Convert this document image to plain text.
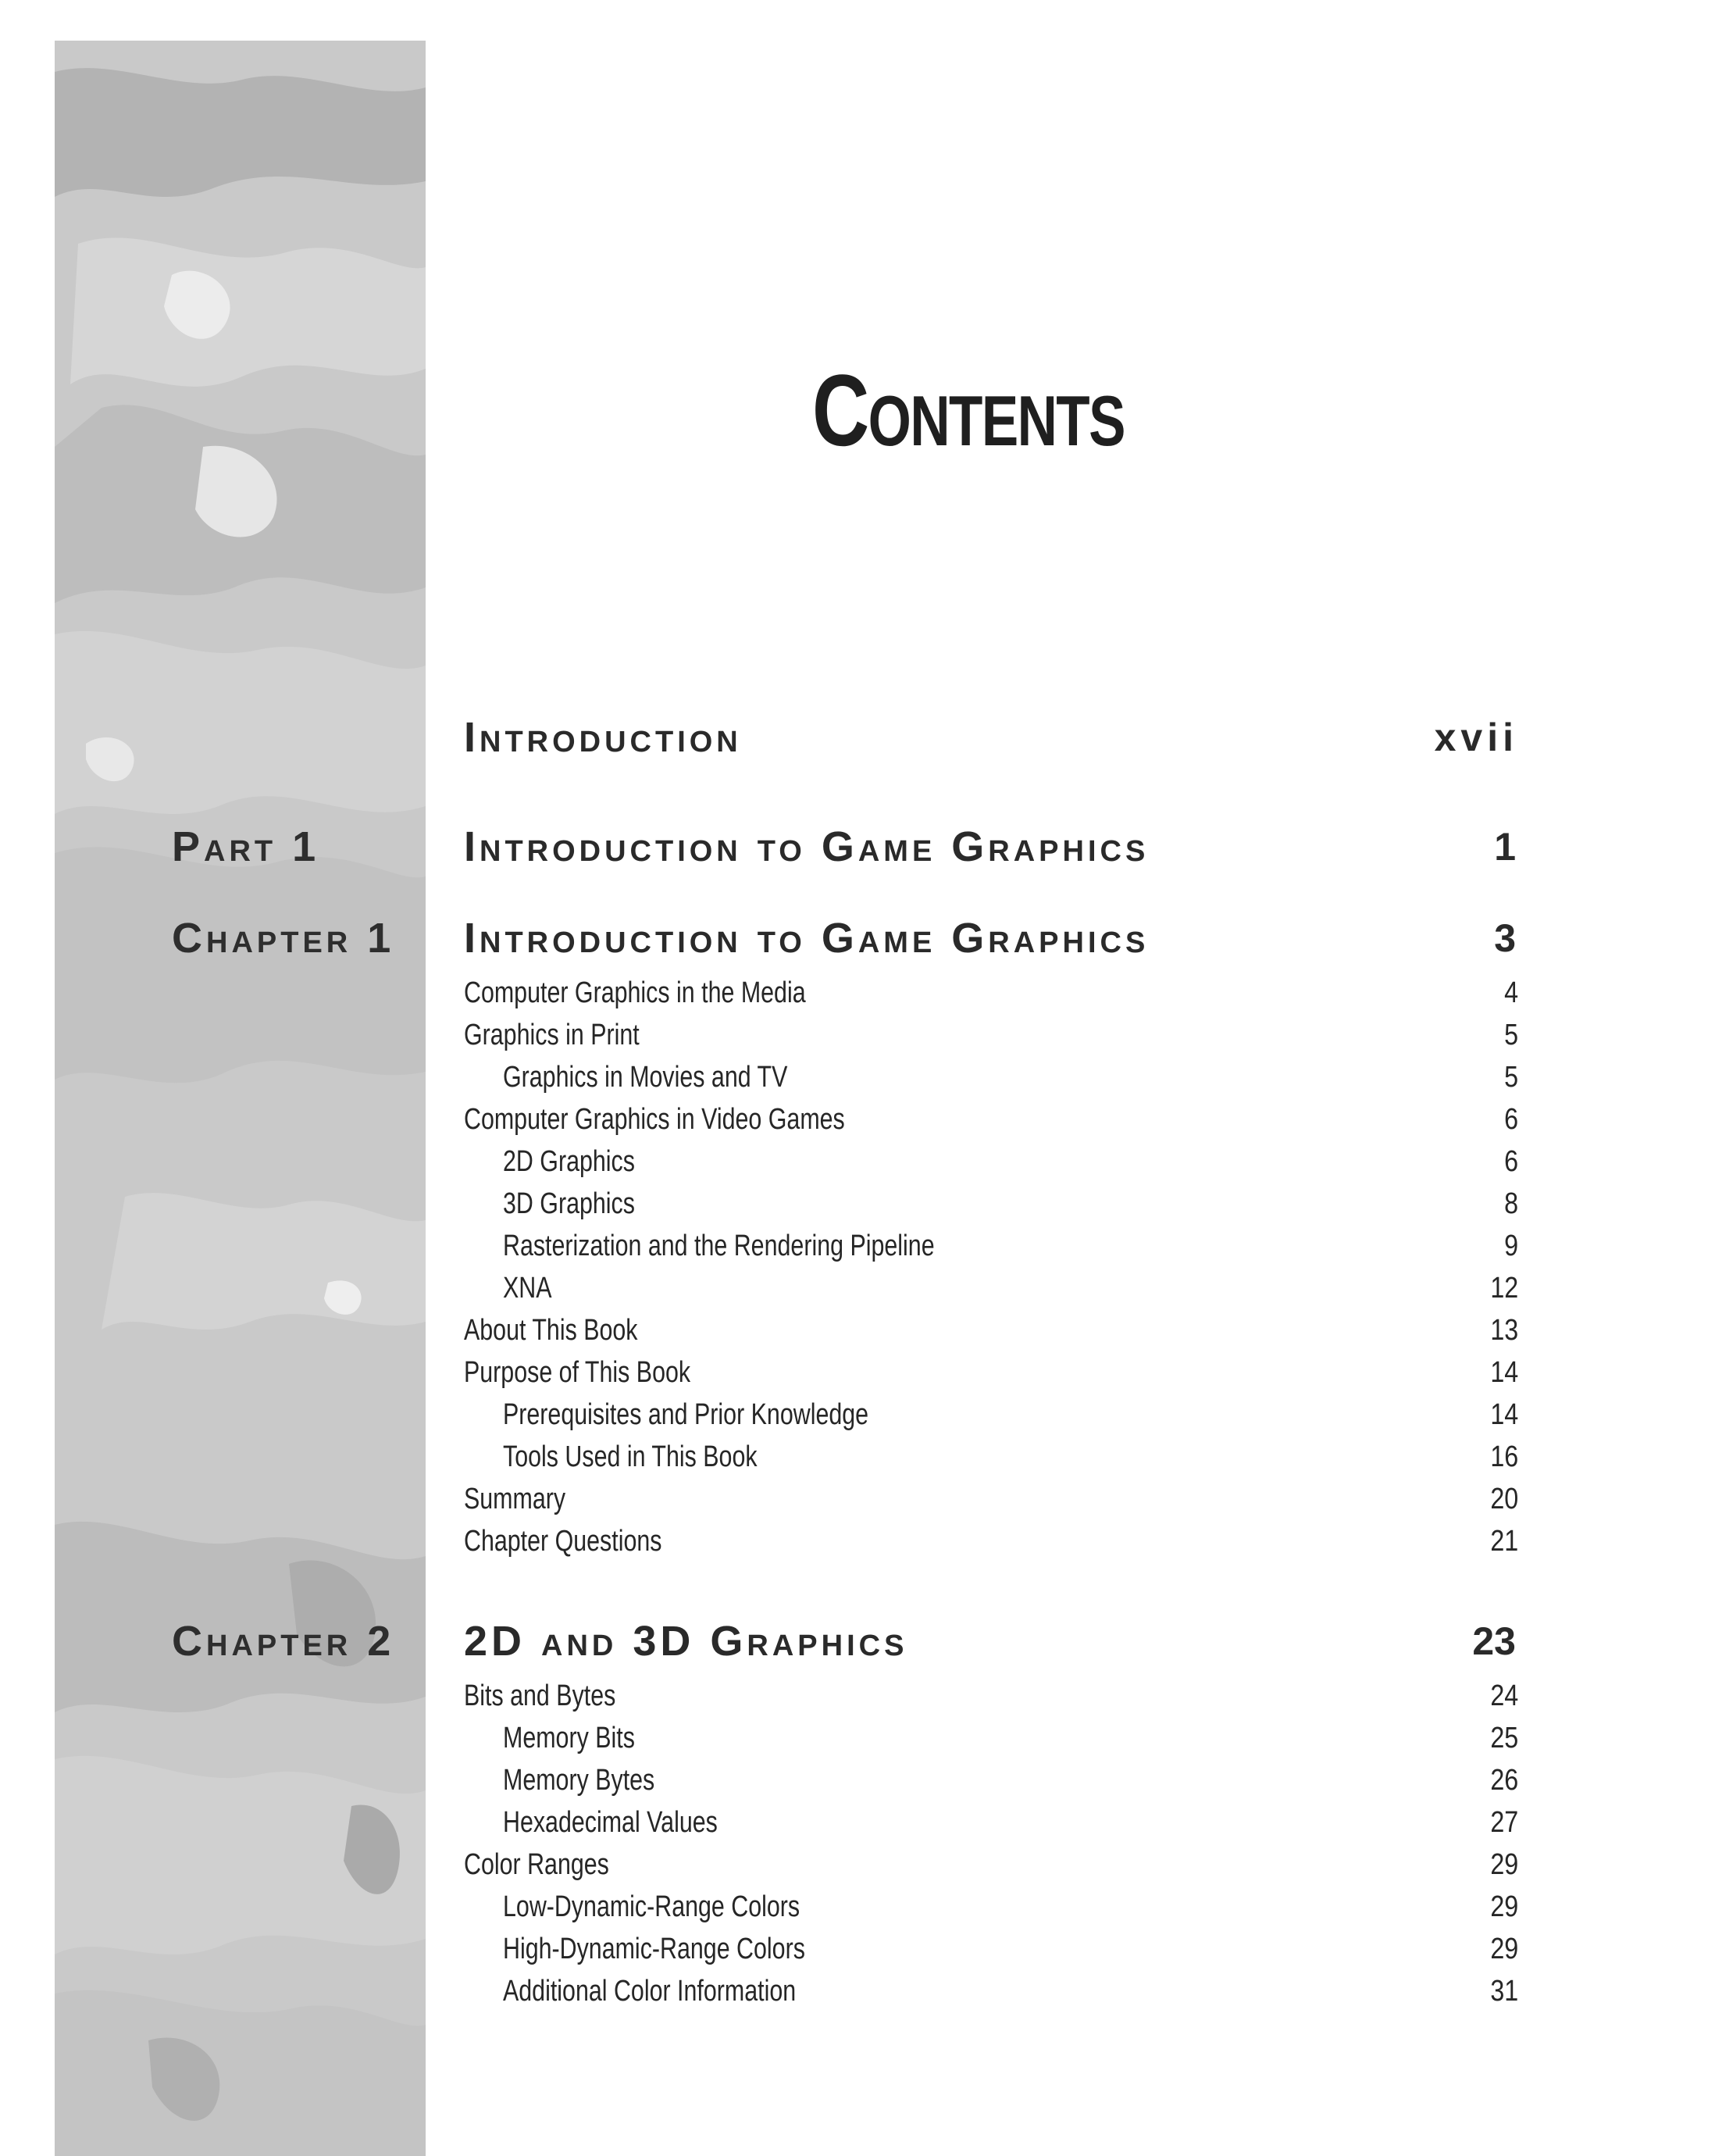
Contents
Introduction	xvii
Part 1	Introduction to Game Graphics	1
Chapter 1 Introduction to Game Graphics	3
Computer Graphics in the Media	4
Graphics in Print	5
Graphics in Movies and TV	5
Computer Graphics in Video Games	6
2D Graphics	6
3D Graphics	8
Rasterization and the Rendering Pipeline	9
XNA	12
About This Book	13
Purpose of This Book	14
Prerequisites and Prior Knowledge	14
Tools Used in This Book	16
Summary	20
Chapter Questions	21
Chapter 2 2D and 3D Graphics	23
Bits and Bytes	24
Memory Bits	25
Memory Bytes	26
Hexadecimal Values	27
Color Ranges	29
Low-Dynamic-Range Colors	29
High-Dynamic-Range Colors	29
Additional Color Information	31
